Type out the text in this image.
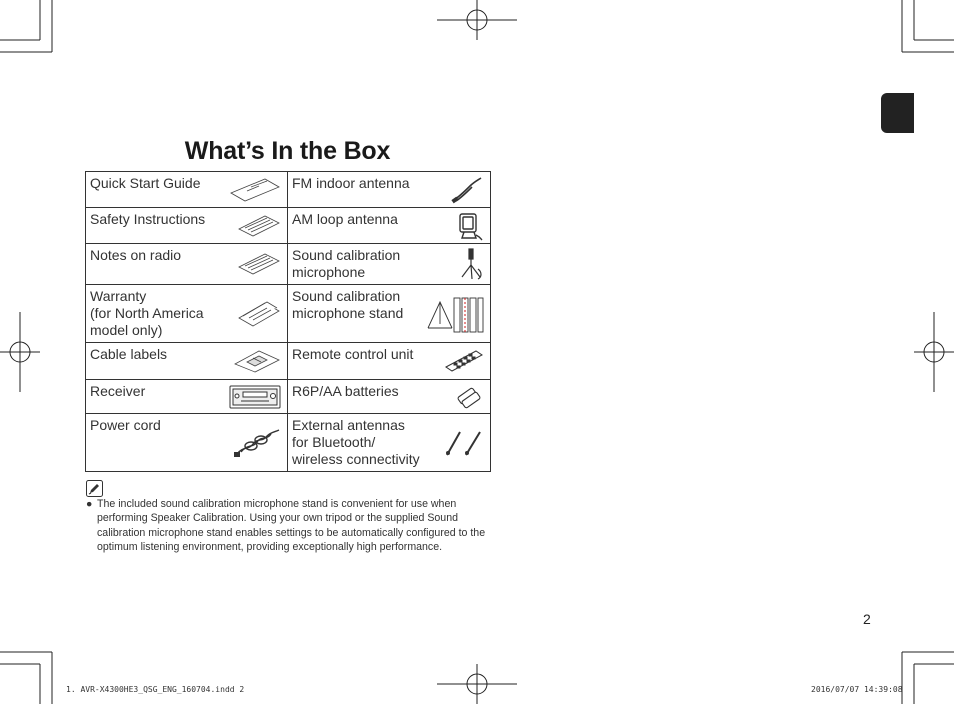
What’s In the Box
Quick Start Guide	FM indoor antenna

Safety Instructions	AM loop antenna

Notes on radio	Sound calibration
microphone

Warranty
(for North America
model only)	Sound calibration
microphone stand

Cable labels	Remote control unit

Receiver	R6P/AA batteries

Power cord	External antennas
for Bluetooth/
wireless connectivity
● The included sound calibration microphone stand is convenient for use when performing Speaker Calibration. Using your own tripod or the supplied Sound calibration microphone stand enables settings to be automatically configured to the optimum listening environment, providing exceptionally high performance.
2
1. AVR-X4300HE3_QSG_ENG_160704.indd 2	2016/07/07 14:39:08
